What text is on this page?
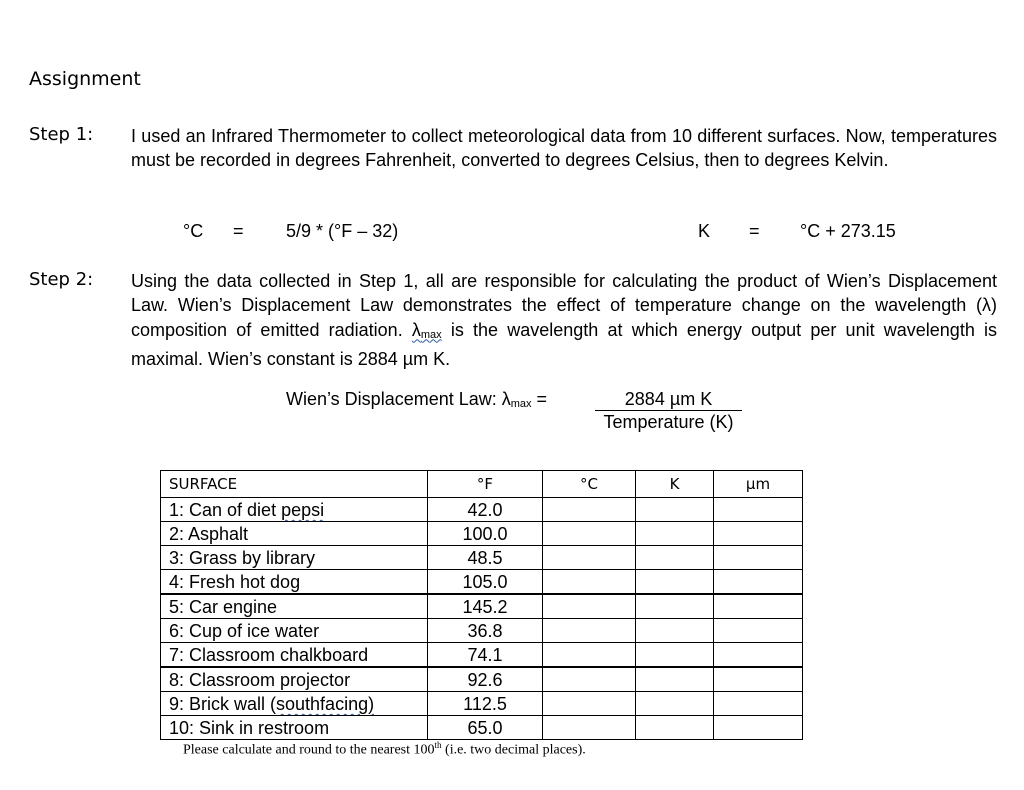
Assignment
Step 1: I used an Infrared Thermometer to collect meteorological data from 10 different surfaces. Now, temperatures must be recorded in degrees Fahrenheit, converted to degrees Celsius, then to degrees Kelvin.
°C = 5/9 * (°F – 32)	K = °C + 273.15
Step 2: Using the data collected in Step 1, all are responsible for calculating the product of Wien’s Displacement Law. Wien’s Displacement Law demonstrates the effect of temperature change on the wavelength (λ) composition of emitted radiation. $\lambda_{max}$ is the wavelength at which energy output per unit wavelength is maximal. Wien’s constant is 2884 µm K.
Wien’s Displacement Law: $\lambda_{max}$ =	2884 µm K
Temperature (K)
SURFACE	°F	°C	K	µm
1: Can of diet pepsi	42.0			
2: Asphalt	100.0			
3: Grass by library	48.5			
4: Fresh hot dog	105.0			
5: Car engine	145.2			
6: Cup of ice water	36.8			
7: Classroom chalkboard	74.1			
8: Classroom projector	92.6			
9: Brick wall (southfacing)	112.5			
10: Sink in restroom	65.0			
Please calculate and round to the nearest 100th (i.e. two decimal places).
